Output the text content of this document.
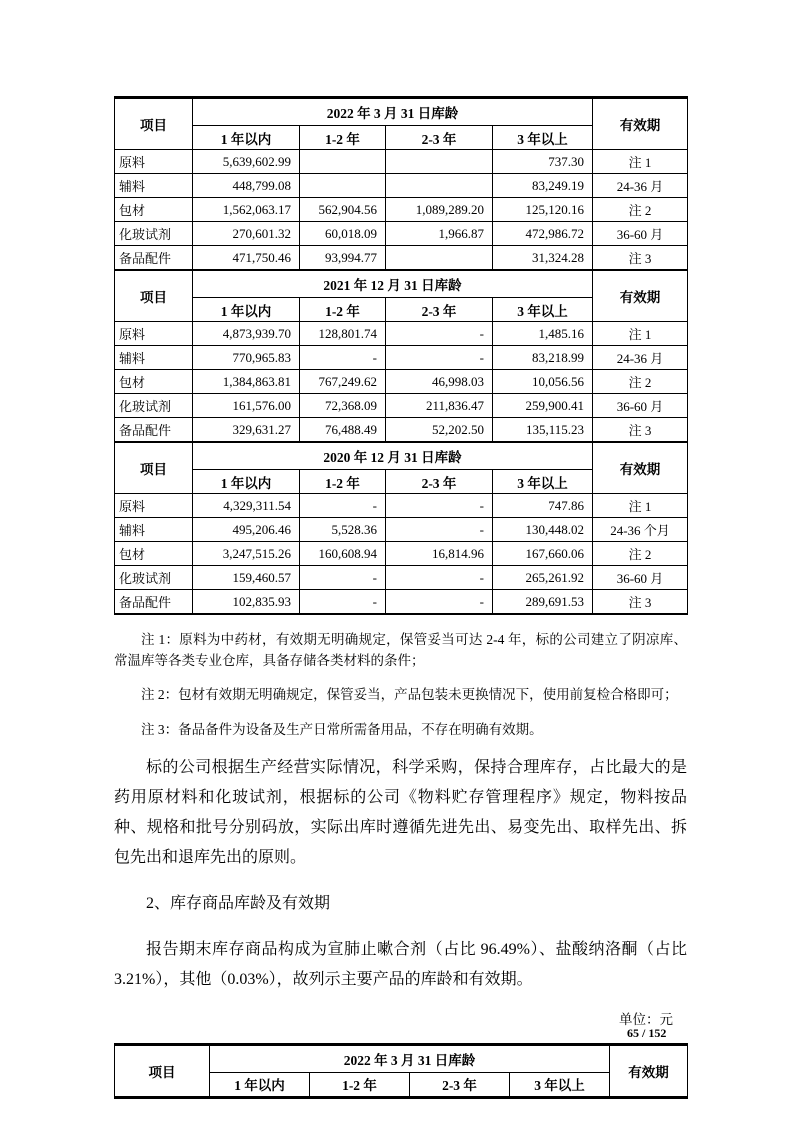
项目	2022 年 3 月 31 日库龄				有效期
	1 年以内	1-2 年	2-3 年	3 年以上	
原料	5,639,602.99			737.30	注 1
辅料	448,799.08			83,249.19	24-36 月
包材	1,562,063.17	562,904.56	1,089,289.20	125,120.16	注 2
化玻试剂	270,601.32	60,018.09	1,966.87	472,986.72	36-60 月
备品配件	471,750.46	93,994.77		31,324.28	注 3
项目	2021 年 12 月 31 日库龄				有效期
	1 年以内	1-2 年	2-3 年	3 年以上	
原料	4,873,939.70	128,801.74	-	1,485.16	注 1
辅料	770,965.83	-	-	83,218.99	24-36 月
包材	1,384,863.81	767,249.62	46,998.03	10,056.56	注 2
化玻试剂	161,576.00	72,368.09	211,836.47	259,900.41	36-60 月
备品配件	329,631.27	76,488.49	52,202.50	135,115.23	注 3
项目	2020 年 12 月 31 日库龄				有效期
	1 年以内	1-2 年	2-3 年	3 年以上	
原料	4,329,311.54	-	-	747.86	注 1
辅料	495,206.46	5,528.36	-	130,448.02	24-36 个月
包材	3,247,515.26	160,608.94	16,814.96	167,660.06	注 2
化玻试剂	159,460.57	-	-	265,261.92	36-60 月
备品配件	102,835.93	-	-	289,691.53	注 3

注 1：原料为中药材，有效期无明确规定，保管妥当可达 2-4 年，标的公司建立了阴凉库、常温库等各类专业仓库，具备存储各类材料的条件；

注 2：包材有效期无明确规定，保管妥当，产品包装未更换情况下，使用前复检合格即可；

注 3：备品备件为设备及生产日常所需备用品，不存在明确有效期。

标的公司根据生产经营实际情况，科学采购，保持合理库存，占比最大的是药用原材料和化玻试剂，根据标的公司《物料贮存管理程序》规定，物料按品种、规格和批号分别码放，实际出库时遵循先进先出、易变先出、取样先出、拆包先出和退库先出的原则。

2、库存商品库龄及有效期

报告期末库存商品构成为宣肺止嗽合剂（占比 96.49%）、盐酸纳洛酮（占比 3.21%），其他（0.03%），故列示主要产品的库龄和有效期。

单位：元

项目	2022 年 3 月 31 日库龄				有效期
	1 年以内	1-2 年	2-3 年	3 年以上	
65 / 152
